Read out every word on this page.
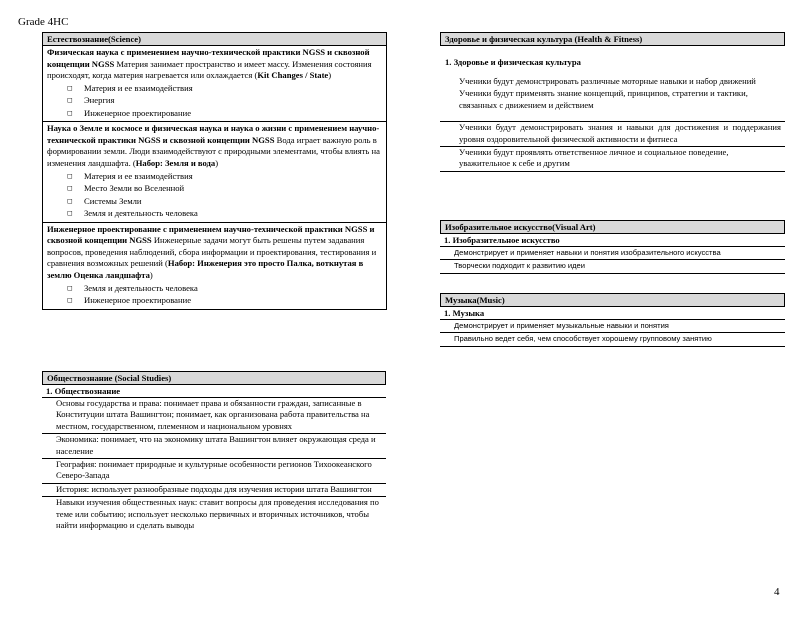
Grade 4HC
Естествознание(Science)
Физическая наука с применением научно-технической практики NGSS и сквозной концепции NGSS Материя занимает пространство и имеет массу. Изменения состояния происходят, когда материя нагревается или охлаждается (Kit Changes / State)
◻ Материя и ее взаимодействия
◻ Энергия
◻ Инженерное проектирование
Наука о Земле и космосе и физическая наука и наука о жизни с применением научно-технической практики NGSS и сквозной концепции NGSS Вода играет важную роль в формировании земли. Люди взаимодействуют с природными элементами, чтобы влиять на изменения ландшафта. (Набор: Земля и вода)
◻ Материя и ее взаимодействия
◻ Место Земли во Вселенной
◻ Системы Земли
◻ Земля и деятельность человека
Инженерное проектирование с применением научно-технической практики NGSS и сквозной концепции NGSS Инженерные задачи могут быть решены путем задавания вопросов, проведения наблюдений, сбора информации и проектирования, тестирования и сравнения возможных решений (Набор: Инженерия это просто Палка, воткнутая в землю Оценка ландшафта)
◻ Земля и деятельность человека
◻ Инженерное проектирование
Обществознание (Social Studies)
1. Обществознание
Основы государства и права: понимает права и обязанности граждан, записанные в Конституции штата Вашингтон; понимает, как организована работа правительства на местном, государственном, племенном и национальном уровнях
Экономика: понимает, что на экономику штата Вашингтон влияет окружающая среда и население
География: понимает природные и культурные особенности регионов Тихоокеанского Северо-Запада
История: использует разнообразные подходы для изучения истории штата Вашингтон
Навыки изучения общественных наук: ставит вопросы для проведения исследования по теме или событию; использует несколько первичных и вторичных источников, чтобы найти информацию и сделать выводы
Здоровье и физическая культура (Health & Fitness)
1. Здоровье и физическая культура
Ученики будут демонстрировать различные моторные навыки и набор движений
Ученики будут применять знание концепций, принципов, стратегии и тактики, связанных с движением и действием
Ученики будут демонстрировать знания и навыки для достижения и поддержания уровня оздоровительной физической активности и фитнеса
Ученики будут проявлять ответственное личное и социальное поведение, уважительное к себе и другим
Изобразительное искусство(Visual Art)
1. Изобразительное искусство
Демонстрирует и применяет навыки и понятия изобразительного искусства
Творчески подходит к развитию идеи
Музыка(Music)
1. Музыка
Демонстрирует и применяет музыкальные навыки и понятия
Правильно ведет себя, чем способствует хорошему групповому занятию
4
